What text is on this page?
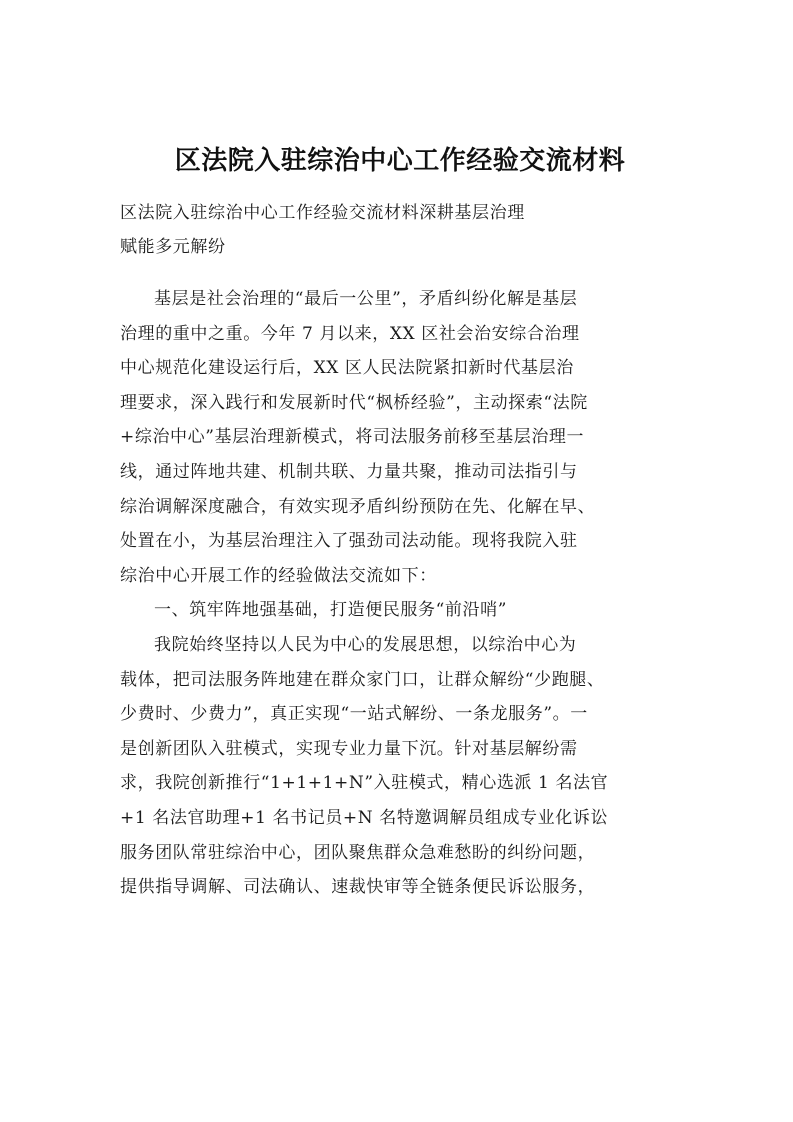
区法院入驻综治中心工作经验交流材料
区法院入驻综治中心工作经验交流材料深耕基层治理
赋能多元解纷
基层是社会治理的“最后一公里”，矛盾纠纷化解是基层
治理的重中之重。今年 7 月以来，XX 区社会治安综合治理
中心规范化建设运行后，XX 区人民法院紧扣新时代基层治
理要求，深入践行和发展新时代“枫桥经验”，主动探索“法院
+综治中心”基层治理新模式，将司法服务前移至基层治理一
线，通过阵地共建、机制共联、力量共聚，推动司法指引与
综治调解深度融合，有效实现矛盾纠纷预防在先、化解在早、
处置在小，为基层治理注入了强劲司法动能。现将我院入驻
综治中心开展工作的经验做法交流如下：
一、筑牢阵地强基础，打造便民服务“前沿哨”
我院始终坚持以人民为中心的发展思想，以综治中心为
载体，把司法服务阵地建在群众家门口，让群众解纷“少跑腿、
少费时、少费力”，真正实现“一站式解纷、一条龙服务”。一
是创新团队入驻模式，实现专业力量下沉。针对基层解纷需
求，我院创新推行“1+1+1+N”入驻模式，精心选派 1 名法官
+1 名法官助理+1 名书记员+N 名特邀调解员组成专业化诉讼
服务团队常驻综治中心，团队聚焦群众急难愁盼的纠纷问题，
提供指导调解、司法确认、速裁快审等全链条便民诉讼服务，
